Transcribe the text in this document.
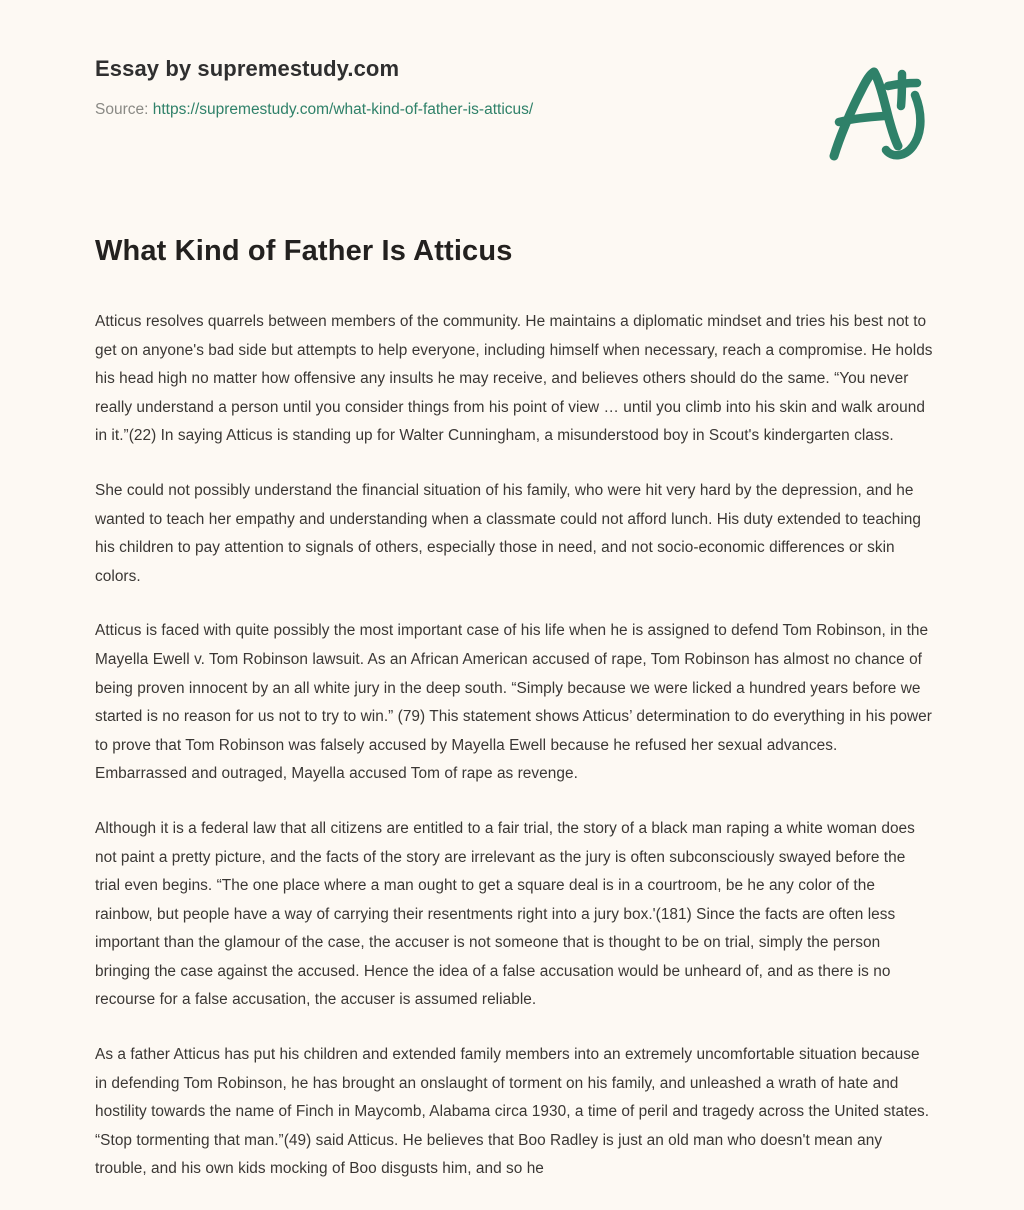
Essay by supremestudy.com

Source: https://supremestudy.com/what-kind-of-father-is-atticus/

What Kind of Father Is Atticus

Atticus resolves quarrels between members of the community. He maintains a diplomatic mindset and tries his best not to get on anyone's bad side but attempts to help everyone, including himself when necessary, reach a compromise. He holds his head high no matter how offensive any insults he may receive, and believes others should do the same. “You never really understand a person until you consider things from his point of view … until you climb into his skin and walk around in it.”(22) In saying Atticus is standing up for Walter Cunningham, a misunderstood boy in Scout's kindergarten class.

She could not possibly understand the financial situation of his family, who were hit very hard by the depression, and he wanted to teach her empathy and understanding when a classmate could not afford lunch. His duty extended to teaching his children to pay attention to signals of others, especially those in need, and not socio-economic differences or skin colors.

Atticus is faced with quite possibly the most important case of his life when he is assigned to defend Tom Robinson, in the Mayella Ewell v. Tom Robinson lawsuit. As an African American accused of rape, Tom Robinson has almost no chance of being proven innocent by an all white jury in the deep south. “Simply because we were licked a hundred years before we started is no reason for us not to try to win.” (79) This statement shows Atticus’ determination to do everything in his power to prove that Tom Robinson was falsely accused by Mayella Ewell because he refused her sexual advances. Embarrassed and outraged, Mayella accused Tom of rape as revenge.

Although it is a federal law that all citizens are entitled to a fair trial, the story of a black man raping a white woman does not paint a pretty picture, and the facts of the story are irrelevant as the jury is often subconsciously swayed before the trial even begins. “The one place where a man ought to get a square deal is in a courtroom, be he any color of the rainbow, but people have a way of carrying their resentments right into a jury box.'(181) Since the facts are often less important than the glamour of the case, the accuser is not someone that is thought to be on trial, simply the person bringing the case against the accused. Hence the idea of a false accusation would be unheard of, and as there is no recourse for a false accusation, the accuser is assumed reliable.

As a father Atticus has put his children and extended family members into an extremely uncomfortable situation because in defending Tom Robinson, he has brought an onslaught of torment on his family, and unleashed a wrath of hate and hostility towards the name of Finch in Maycomb, Alabama circa 1930, a time of peril and tragedy across the United states. “Stop tormenting that man.”(49) said Atticus. He believes that Boo Radley is just an old man who doesn't mean any trouble, and his own kids mocking of Boo disgusts him, and so he
